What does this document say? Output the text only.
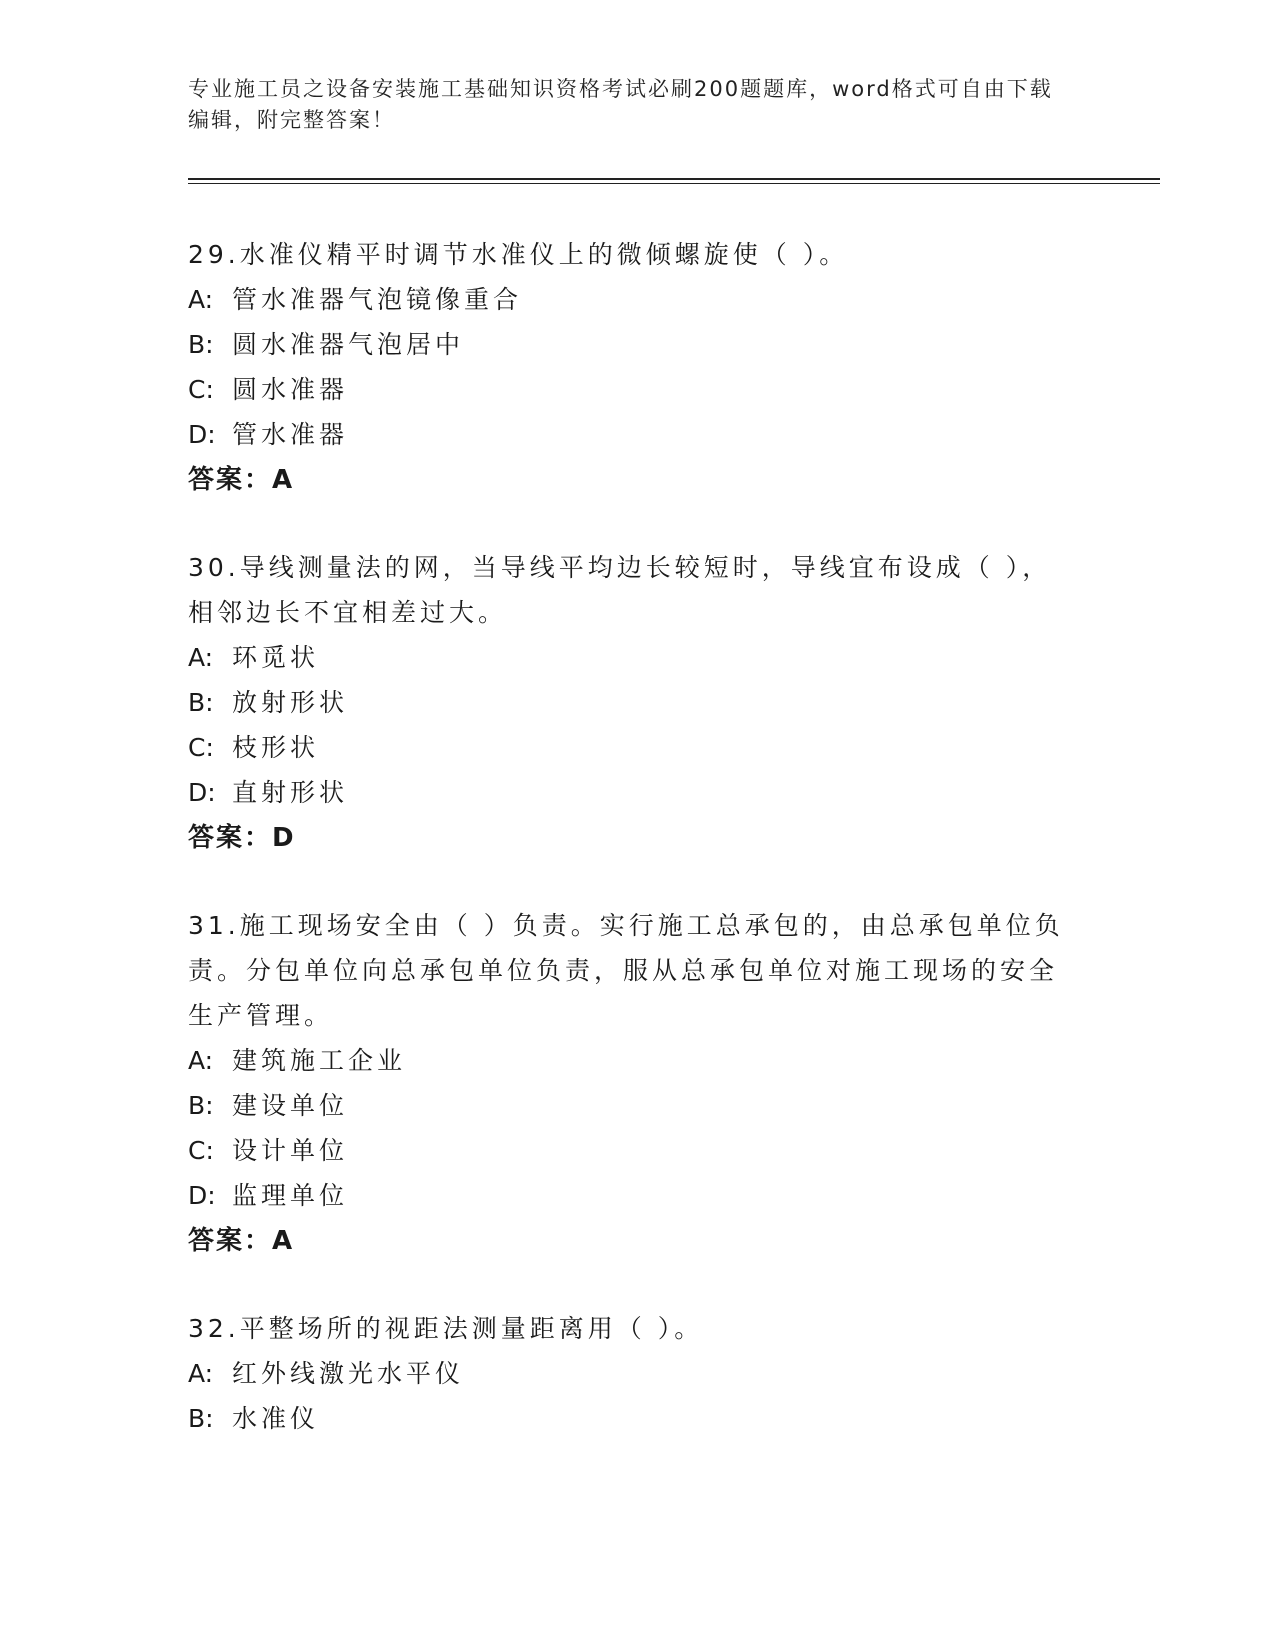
专业施工员之设备安装施工基础知识资格考试必刷200题题库，word格式可自由下载编辑，附完整答案！

29.水准仪精平时调节水准仪上的微倾螺旋使（ ）。

A: 管水准器气泡镜像重合

B: 圆水准器气泡居中

C: 圆水准器

D: 管水准器

答案：A

30.导线测量法的网，当导线平均边长较短时，导线宜布设成（ ），相邻边长不宜相差过大。

A: 环觅状

B: 放射形状

C: 枝形状

D: 直射形状

答案：D

31.施工现场安全由（ ）负责。实行施工总承包的，由总承包单位负责。分包单位向总承包单位负责，服从总承包单位对施工现场的安全生产管理。

A: 建筑施工企业

B: 建设单位

C: 设计单位

D: 监理单位

答案：A

32.平整场所的视距法测量距离用（ ）。

A: 红外线激光水平仪

B: 水准仪
